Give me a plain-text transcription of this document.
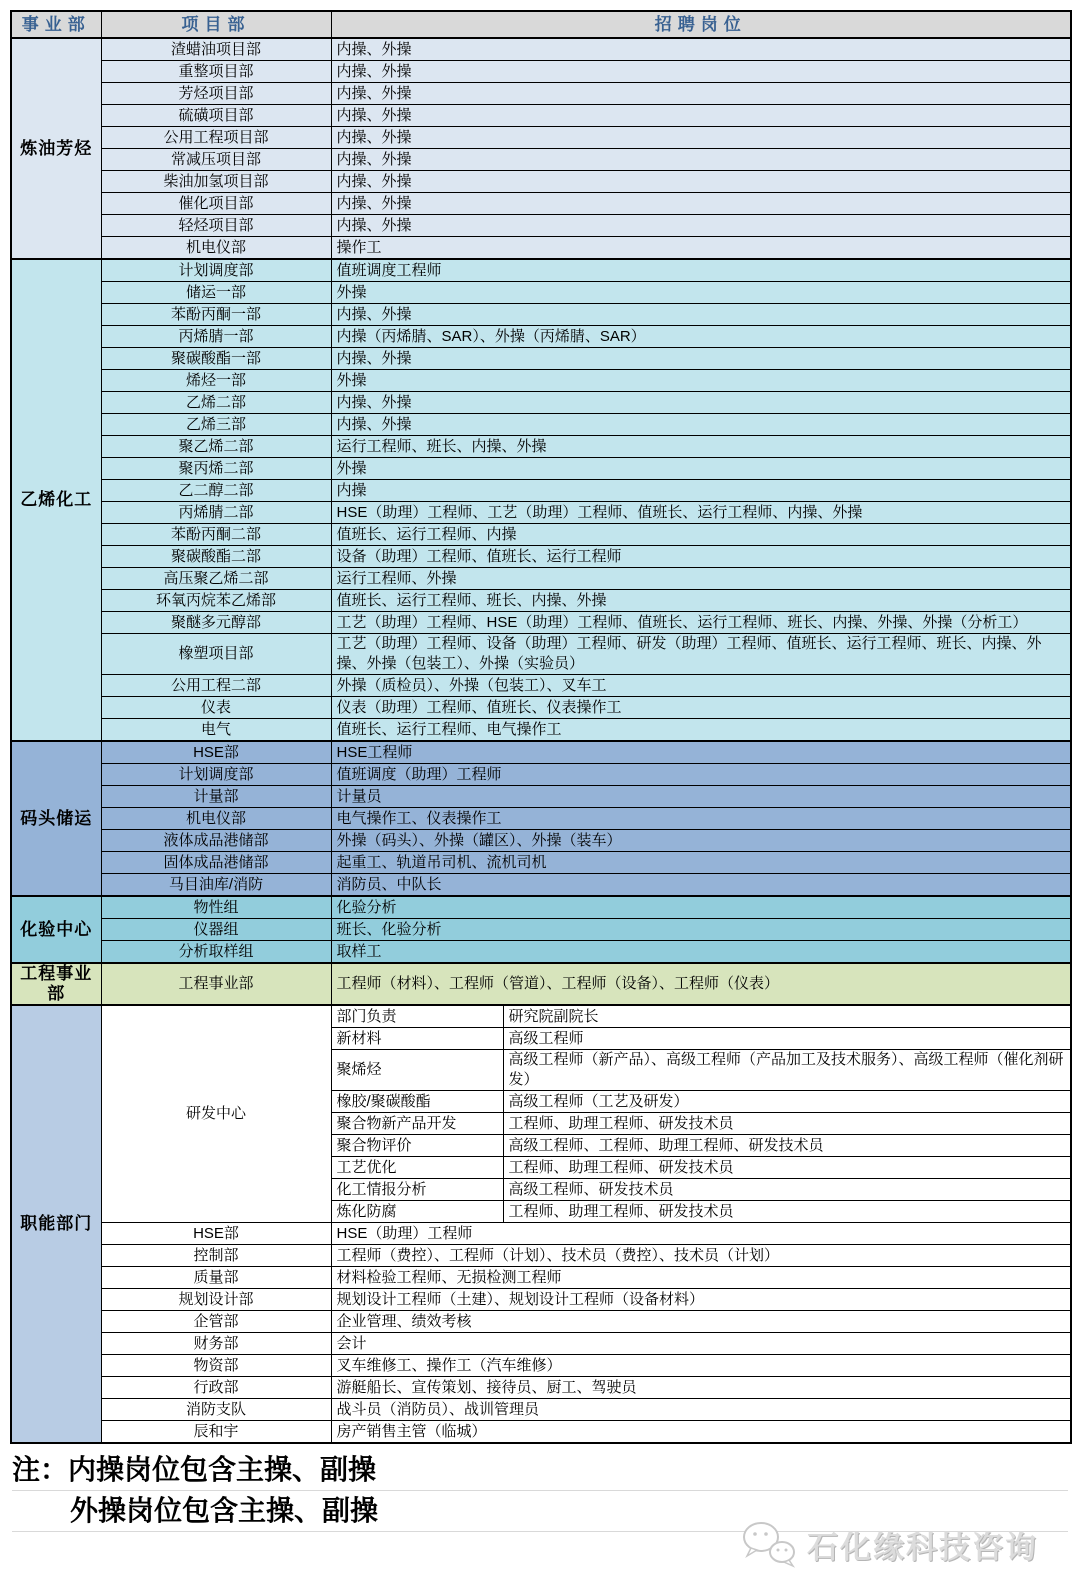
事业部	项目部	招聘岗位	
炼油芳烃	渣蜡油项目部	内操、外操	
	重整项目部	内操、外操	
	芳烃项目部	内操、外操	
	硫磺项目部	内操、外操	
	公用工程项目部	内操、外操	
	常减压项目部	内操、外操	
	柴油加氢项目部	内操、外操	
	催化项目部	内操、外操	
	轻烃项目部	内操、外操	
	机电仪部	操作工	
乙烯化工	计划调度部	值班调度工程师	
	储运一部	外操	
	苯酚丙酮一部	内操、外操	
	丙烯腈一部	内操（丙烯腈、SAR）、外操（丙烯腈、SAR）	
	聚碳酸酯一部	内操、外操	
	烯烃一部	外操	
	乙烯二部	内操、外操	
	乙烯三部	内操、外操	
	聚乙烯二部	运行工程师、班长、内操、外操	
	聚丙烯二部	外操	
	乙二醇二部	内操	
	丙烯腈二部	HSE（助理）工程师、工艺（助理）工程师、值班长、运行工程师、内操、外操	
	苯酚丙酮二部	值班长、运行工程师、内操	
	聚碳酸酯二部	设备（助理）工程师、值班长、运行工程师	
	高压聚乙烯二部	运行工程师、外操	
	环氧丙烷苯乙烯部	值班长、运行工程师、班长、内操、外操	
	聚醚多元醇部	工艺（助理）工程师、HSE（助理）工程师、值班长、运行工程师、班长、内操、外操、外操（分析工）	
	橡塑项目部	工艺（助理）工程师、设备（助理）工程师、研发（助理）工程师、值班长、运行工程师、班长、内操、外操、外操（包装工）、外操（实验员）	
	公用工程二部	外操（质检员）、外操（包装工）、叉车工	
	仪表	仪表（助理）工程师、值班长、仪表操作工	
	电气	值班长、运行工程师、电气操作工	
码头储运	HSE部	HSE工程师	
	计划调度部	值班调度（助理）工程师	
	计量部	计量员	
	机电仪部	电气操作工、仪表操作工	
	液体成品港储部	外操（码头）、外操（罐区）、外操（装车）	
	固体成品港储部	起重工、轨道吊司机、流机司机	
	马目油库/消防	消防员、中队长	
化验中心	物性组	化验分析	
	仪器组	班长、化验分析	
	分析取样组	取样工	
工程事业部	工程事业部	工程师（材料）、工程师（管道）、工程师（设备）、工程师（仪表）	
职能部门	研发中心	部门负责	研究院副院长
		新材料	高级工程师
		聚烯烃	高级工程师（新产品）、高级工程师（产品加工及技术服务）、高级工程师（催化剂研发）
		橡胶/聚碳酸酯	高级工程师（工艺及研发）
		聚合物新产品开发	工程师、助理工程师、研发技术员
		聚合物评价	高级工程师、工程师、助理工程师、研发技术员
		工艺优化	工程师、助理工程师、研发技术员
		化工情报分析	高级工程师、研发技术员
		炼化防腐	工程师、助理工程师、研发技术员
	HSE部	HSE（助理）工程师	
	控制部	工程师（费控）、工程师（计划）、技术员（费控）、技术员（计划）	
	质量部	材料检验工程师、无损检测工程师	
	规划设计部	规划设计工程师（土建）、规划设计工程师（设备材料）	
	企管部	企业管理、绩效考核	
	财务部	会计	
	物资部	叉车维修工、操作工（汽车维修）	
	行政部	游艇船长、宣传策划、接待员、厨工、驾驶员	
	消防支队	战斗员（消防员）、战训管理员	
	辰和宇	房产销售主管（临城）	
注：内操岗位包含主操、副操
外操岗位包含主操、副操
石化缘科技咨询
